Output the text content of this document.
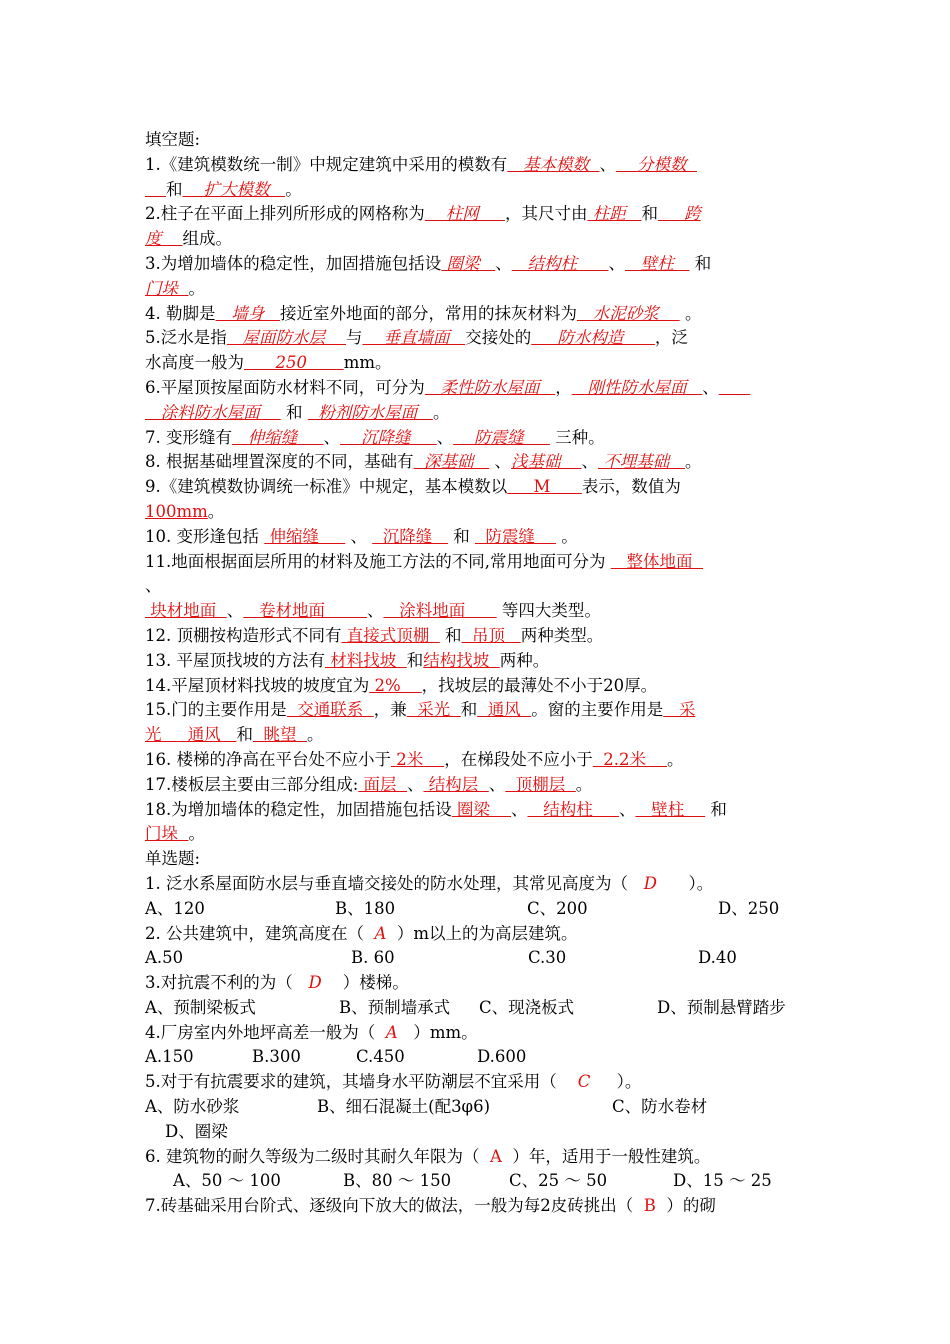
填空题:
1.《建筑模数统一制》中规定建筑中采用的模数有   基本模数  、    分模数
和    扩大模数   。
2.柱子在平面上排列所形成的网格称为    柱网     ，其尺寸由 柱距   和     跨
度    组成。
3.为增加墙体的稳定性，加固措施包括设 圈梁   、   结构柱      、   壁柱    和
门垛  。
4. 勒脚是   墙身   接近室外地面的部分，常用的抹灰材料为   水泥砂浆     。
5.泛水是指   屋面防水层    与    垂直墙面   交接处的     防水构造      ，泛
水高度一般为      250       mm。
6.平屋顶按屋面防水材料不同，可分为   柔性防水屋面   ，   刚性防水屋面   、
涂料防水屋面     和   粉剂防水屋面   。
7. 变形缝有   伸缩缝     、    沉降缝     、    防震缝      三种。
8. 根据基础埋置深度的不同，基础有  深基础    、浅基础    、 不埋基础   。
9.《建筑模数协调统一标准》中规定，基本模数以     M      表示，数值为
100mm。
10. 变形逢包括  伸缩缝      、   沉降缝    和   防震缝     。
11.地面根据面层所用的材料及施工方法的不同,常用地面可分为    整体地面
、
块材地面  、   卷材地面        、   涂料地面       等四大类型。
12. 顶棚按构造形式不同有 直接式顶棚   和  吊顶   两种类型。
13. 平屋顶找坡的方法有 材料找坡  和结构找坡  两种。
14.平屋顶材料找坡的坡度宜为 2%    ，找坡层的最薄处不小于20厚。
15.门的主要作用是  交通联系  ，兼  采光  和  通风  。窗的主要作用是   采
光     通风   和  眺望  。
16. 楼梯的净高在平台处不应小于 2米    ，在梯段处不应小于  2.2米    。
17.楼板层主要由三部分组成: 面层  、 结构层  、  顶棚层  。
18.为增加墙体的稳定性，加固措施包括设 圈梁    、   结构柱     、   壁柱     和
门垛  。
单选题:
1. 泛水系屋面防水层与垂直墙交接处的防水处理，其常见高度为（   D      ）。
A、120	B、180	C、200	D、250
2. 公共建筑中，建筑高度在（  A  ）m以上的为高层建筑。
A.50	B. 60	C.30	D.40
3.对抗震不利的为（   D    ）楼梯。
A、预制梁板式	B、预制墙承式 C、现浇板式	D、预制悬臂踏步
4.厂房室内外地坪高差一般为（  A   ）mm。
A.150	B.300	C.450	D.600
5.对于有抗震要求的建筑，其墙身水平防潮层不宜采用（    C     ）。
A、防水砂浆	B、细石混凝土(配3φ6)	C、防水卷材
D、圈梁
6. 建筑物的耐久等级为二级时其耐久年限为（  A  ）年，适用于一般性建筑。
A、50 ～ 100	B、80 ～ 150	C、25 ～ 50	D、15 ～ 25
7.砖基础采用台阶式、逐级向下放大的做法，一般为每2皮砖挑出（  B  ）的砌
